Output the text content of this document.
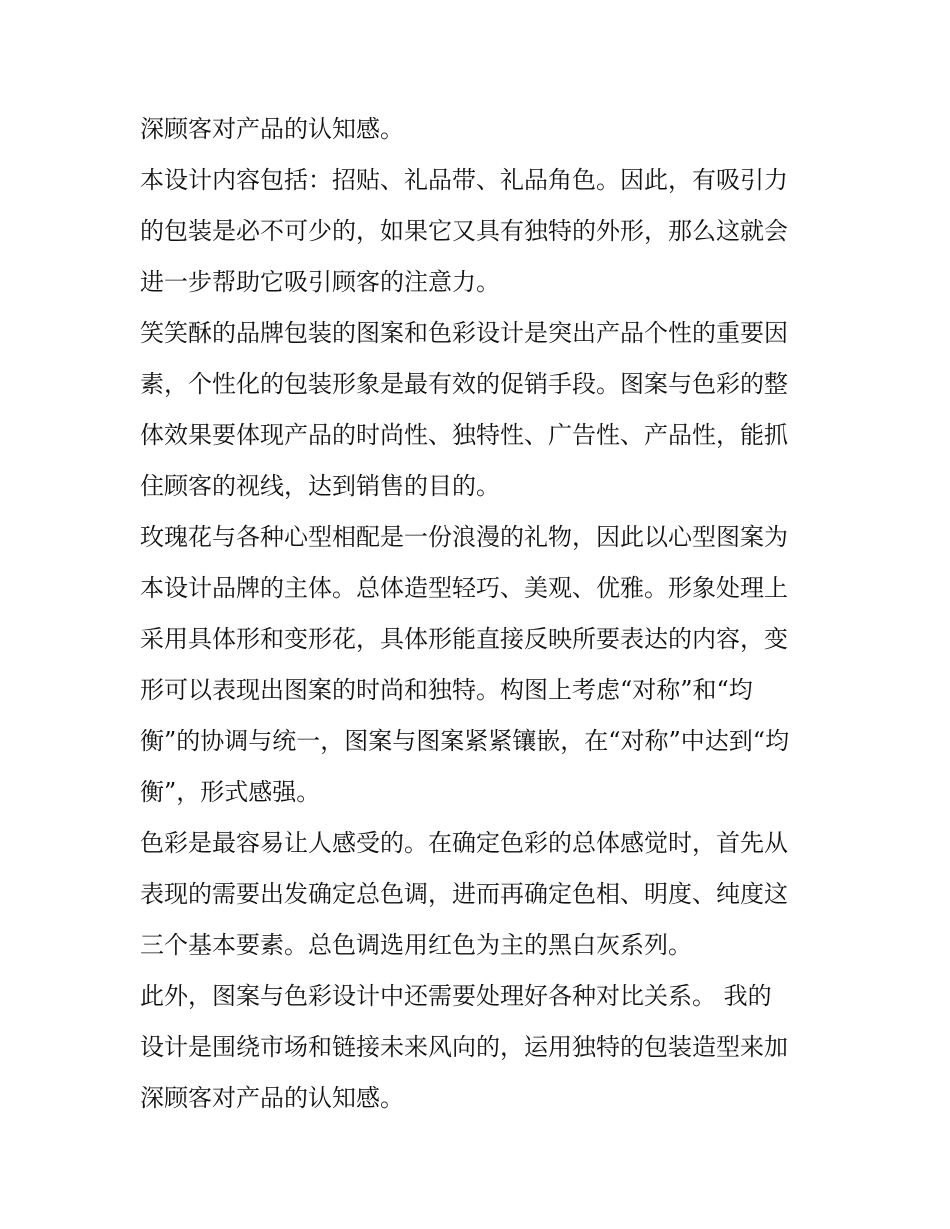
深顾客对产品的认知感。
本设计内容包括：招贴、礼品带、礼品角色。因此，有吸引力
的包装是必不可少的，如果它又具有独特的外形，那么这就会
进一步帮助它吸引顾客的注意力。
笑笑酥的品牌包装的图案和色彩设计是突出产品个性的重要因
素，个性化的包装形象是最有效的促销手段。图案与色彩的整
体效果要体现产品的时尚性、独特性、广告性、产品性，能抓
住顾客的视线，达到销售的目的。
玫瑰花与各种心型相配是一份浪漫的礼物，因此以心型图案为
本设计品牌的主体。总体造型轻巧、美观、优雅。形象处理上
采用具体形和变形花，具体形能直接反映所要表达的内容，变
形可以表现出图案的时尚和独特。构图上考虑“对称”和“均
衡”的协调与统一，图案与图案紧紧镶嵌，在“对称”中达到“均
衡”，形式感强。
色彩是最容易让人感受的。在确定色彩的总体感觉时，首先从
表现的需要出发确定总色调，进而再确定色相、明度、纯度这
三个基本要素。总色调选用红色为主的黑白灰系列。
此外，图案与色彩设计中还需要处理好各种对比关系。 我的
设计是围绕市场和链接未来风向的，运用独特的包装造型来加
深顾客对产品的认知感。
